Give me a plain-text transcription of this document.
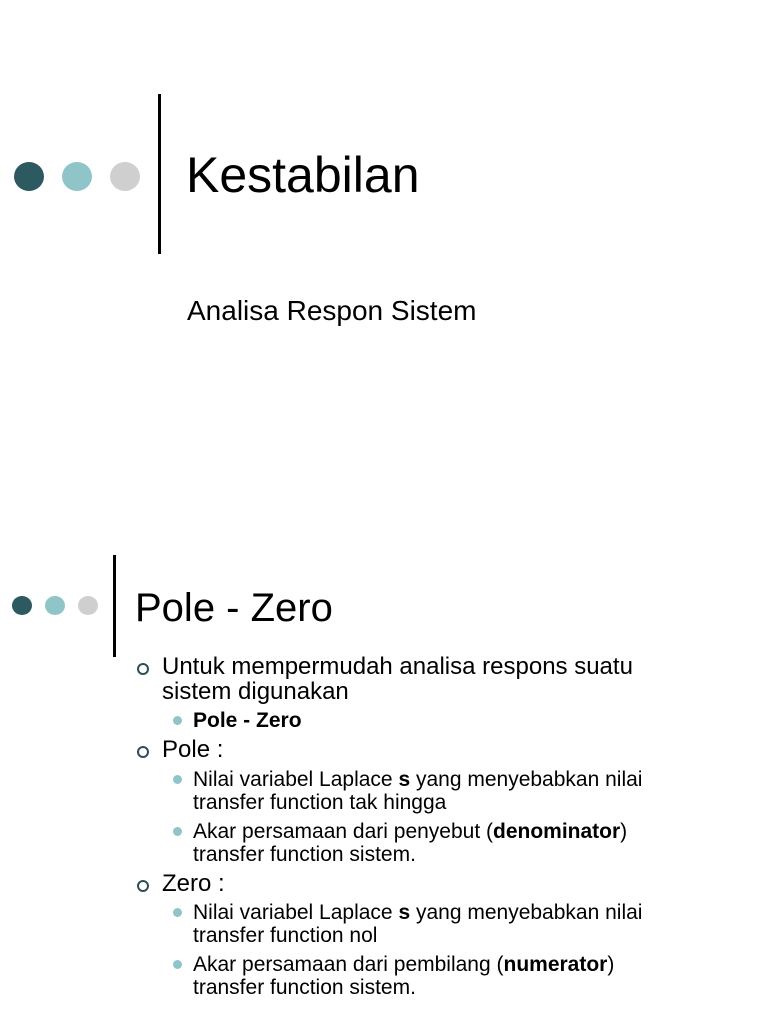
Kestabilan
Analisa Respon Sistem
Pole - Zero
Untuk mempermudah analisa respons suatu
sistem digunakan
Pole - Zero
Pole :
Nilai variabel Laplace s yang menyebabkan nilai
transfer function tak hingga
Akar persamaan dari penyebut (denominator)
transfer function sistem.
Zero :
Nilai variabel Laplace s yang menyebabkan nilai
transfer function nol
Akar persamaan dari pembilang (numerator)
transfer function sistem.
